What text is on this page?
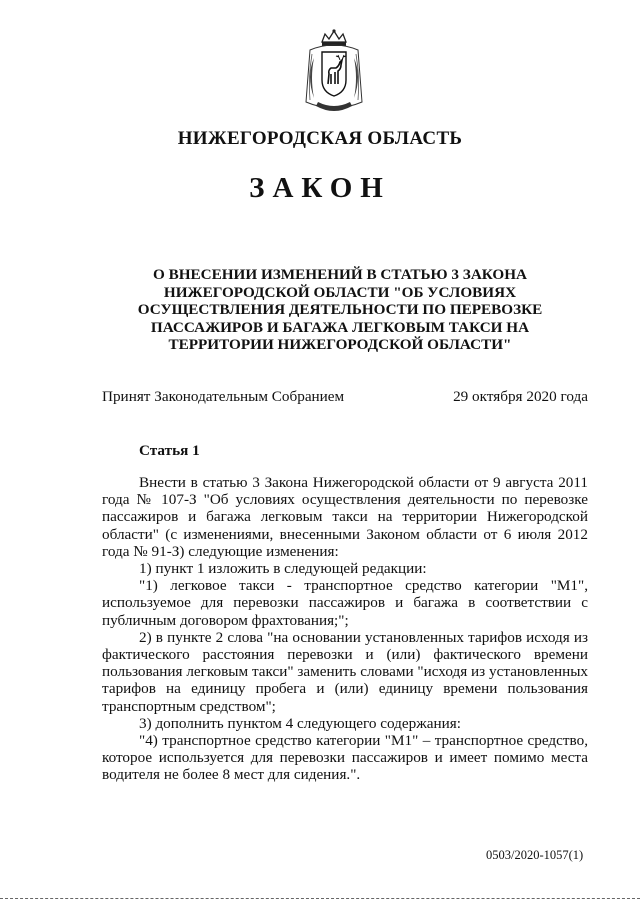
НИЖЕГОРОДСКАЯ ОБЛАСТЬ
ЗАКОН
О ВНЕСЕНИИ ИЗМЕНЕНИЙ В СТАТЬЮ 3 ЗАКОНА НИЖЕГОРОДСКОЙ ОБЛАСТИ "ОБ УСЛОВИЯХ ОСУЩЕСТВЛЕНИЯ ДЕЯТЕЛЬНОСТИ ПО ПЕРЕВОЗКЕ ПАССАЖИРОВ И БАГАЖА ЛЕГКОВЫМ ТАКСИ НА ТЕРРИТОРИИ НИЖЕГОРОДСКОЙ ОБЛАСТИ"
Принят Законодательным Собранием	29 октября 2020 года
Статья 1

Внести в статью 3 Закона Нижегородской области от 9 августа 2011 года № 107-З "Об условиях осуществления деятельности по перевозке пассажиров и багажа легковым такси на территории Нижегородской области" (с изменениями, внесенными Законом области от 6 июля 2012 года № 91-З) следующие изменения:

1) пункт 1 изложить в следующей редакции:

"1) легковое такси - транспортное средство категории "M1", используемое для перевозки пассажиров и багажа в соответствии с публичным договором фрахтования;";

2) в пункте 2 слова "на основании установленных тарифов исходя из фактического расстояния перевозки и (или) фактического времени пользования легковым такси" заменить словами "исходя из установленных тарифов на единицу пробега и (или) единицу времени пользования транспортным средством";

3) дополнить пунктом 4 следующего содержания:

"4) транспортное средство категории "M1" – транспортное средство, которое используется для перевозки пассажиров и имеет помимо места водителя не более 8 мест для сидения.".

0503/2020-1057(1)
